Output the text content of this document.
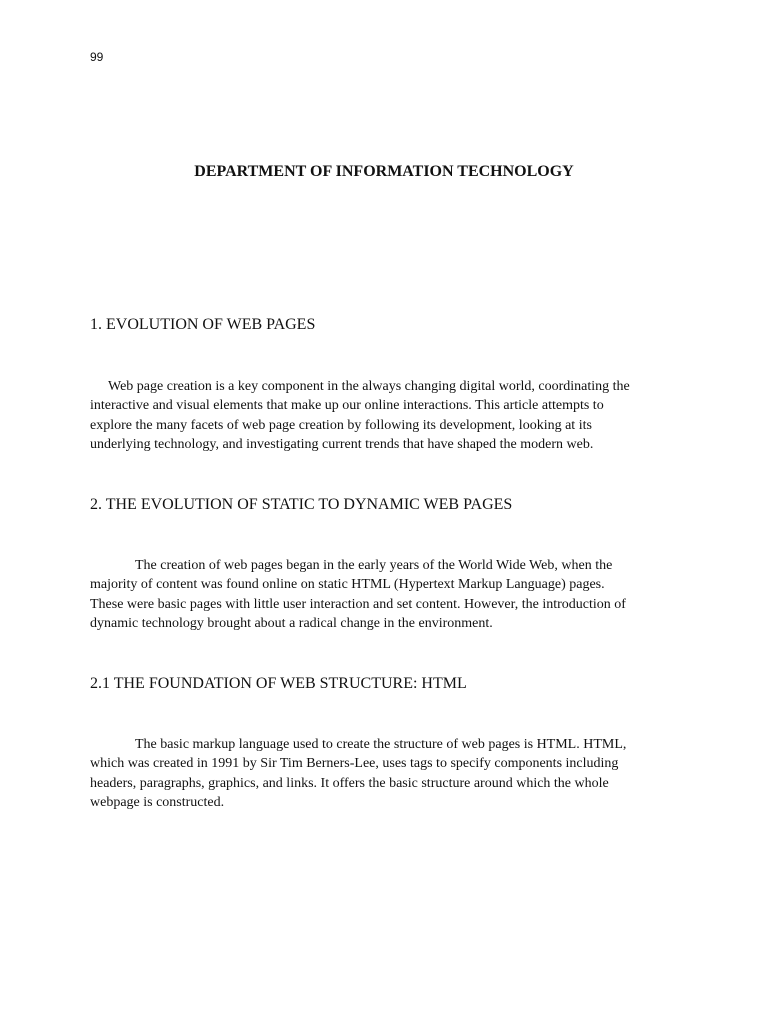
99
DEPARTMENT OF INFORMATION TECHNOLOGY
1. EVOLUTION OF WEB PAGES

Web page creation is a key component in the always changing digital world, coordinating the
interactive and visual elements that make up our online interactions. This article attempts to
explore the many facets of web page creation by following its development, looking at its
underlying technology, and investigating current trends that have shaped the modern web.

2. THE EVOLUTION OF STATIC TO DYNAMIC WEB PAGES

The creation of web pages began in the early years of the World Wide Web, when the
majority of content was found online on static HTML (Hypertext Markup Language) pages.
These were basic pages with little user interaction and set content. However, the introduction of
dynamic technology brought about a radical change in the environment.

2.1 THE FOUNDATION OF WEB STRUCTURE: HTML

The basic markup language used to create the structure of web pages is HTML. HTML,
which was created in 1991 by Sir Tim Berners-Lee, uses tags to specify components including
headers, paragraphs, graphics, and links. It offers the basic structure around which the whole
webpage is constructed.
